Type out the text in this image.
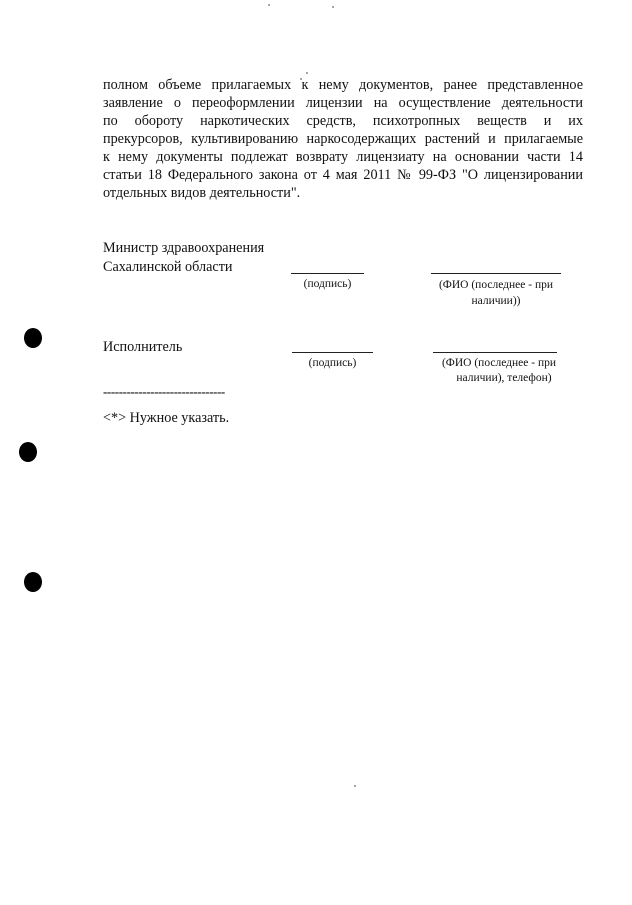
полном объеме прилагаемых к нему документов, ранее представленное
заявление о переоформлении лицензии на осуществление деятельности
по обороту наркотических средств, психотропных веществ и их
прекурсоров, культивированию наркосодержащих растений и прилагаемые
к нему документы подлежат возврату лицензиату на основании части 14
статьи 18 Федерального закона от 4 мая 2011 № 99-ФЗ "О лицензировании
отдельных видов деятельности".
Министр здравоохранения
Сахалинской области
(подпись)	(ФИО (последнее - при
наличии))
Исполнитель
(подпись)	(ФИО (последнее - при
наличии), телефон)
-------------------------------
<*> Нужное указать.
